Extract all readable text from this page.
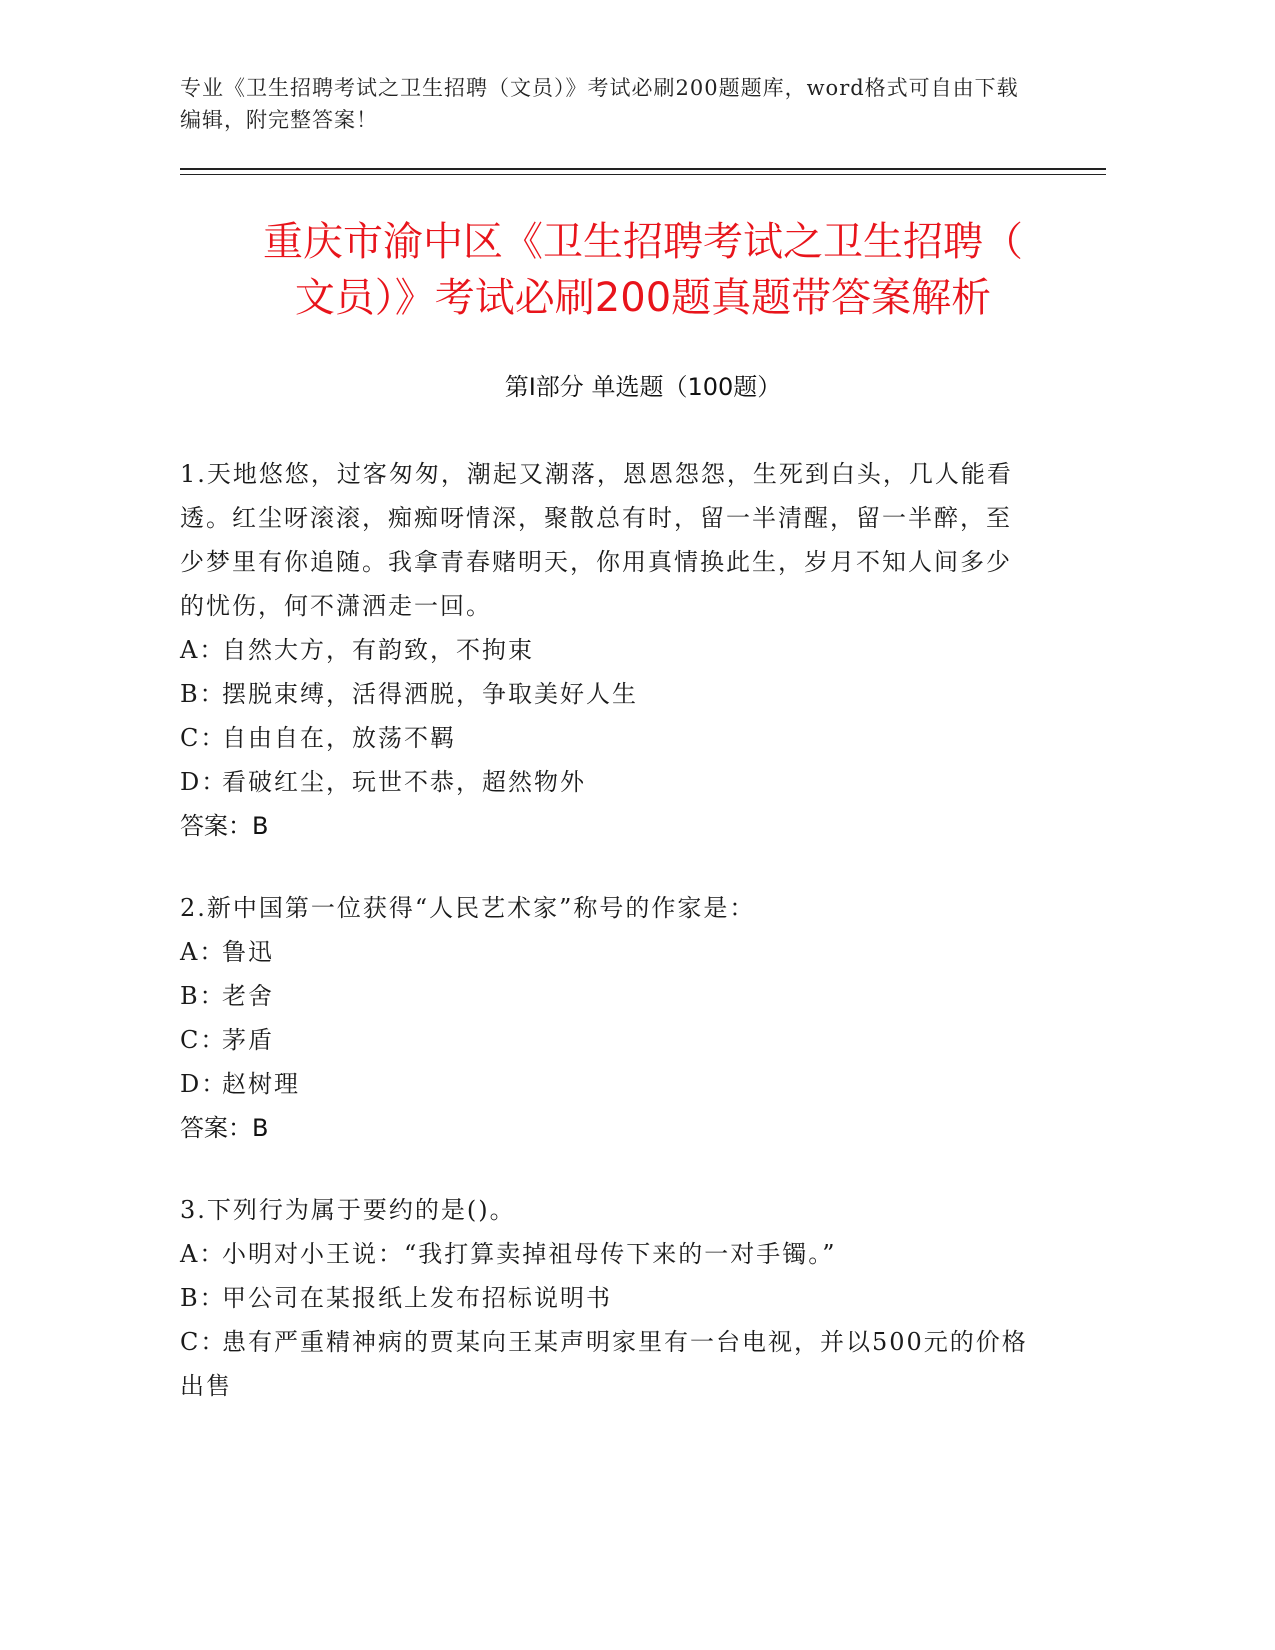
专业《卫生招聘考试之卫生招聘（文员）》考试必刷200题题库，word格式可自由下载编辑，附完整答案！
重庆市渝中区《卫生招聘考试之卫生招聘（
文员）》考试必刷200题真题带答案解析
第Ⅰ部分 单选题（100题）
1.天地悠悠，过客匆匆，潮起又潮落，恩恩怨怨，生死到白头，几人能看透。红尘呀滚滚，痴痴呀情深，聚散总有时，留一半清醒，留一半醉，至少梦里有你追随。我拿青春赌明天，你用真情换此生，岁月不知人间多少的忧伤，何不潇洒走一回。
A：自然大方，有韵致，不拘束
B：摆脱束缚，活得洒脱，争取美好人生
C：自由自在，放荡不羁
D：看破红尘，玩世不恭，超然物外
答案：B
2.新中国第一位获得“人民艺术家”称号的作家是：
A：鲁迅
B：老舍
C：茅盾
D：赵树理
答案：B
3.下列行为属于要约的是()。
A：小明对小王说：“我打算卖掉祖母传下来的一对手镯。”
B：甲公司在某报纸上发布招标说明书
C：患有严重精神病的贾某向王某声明家里有一台电视，并以500元的价格出售
